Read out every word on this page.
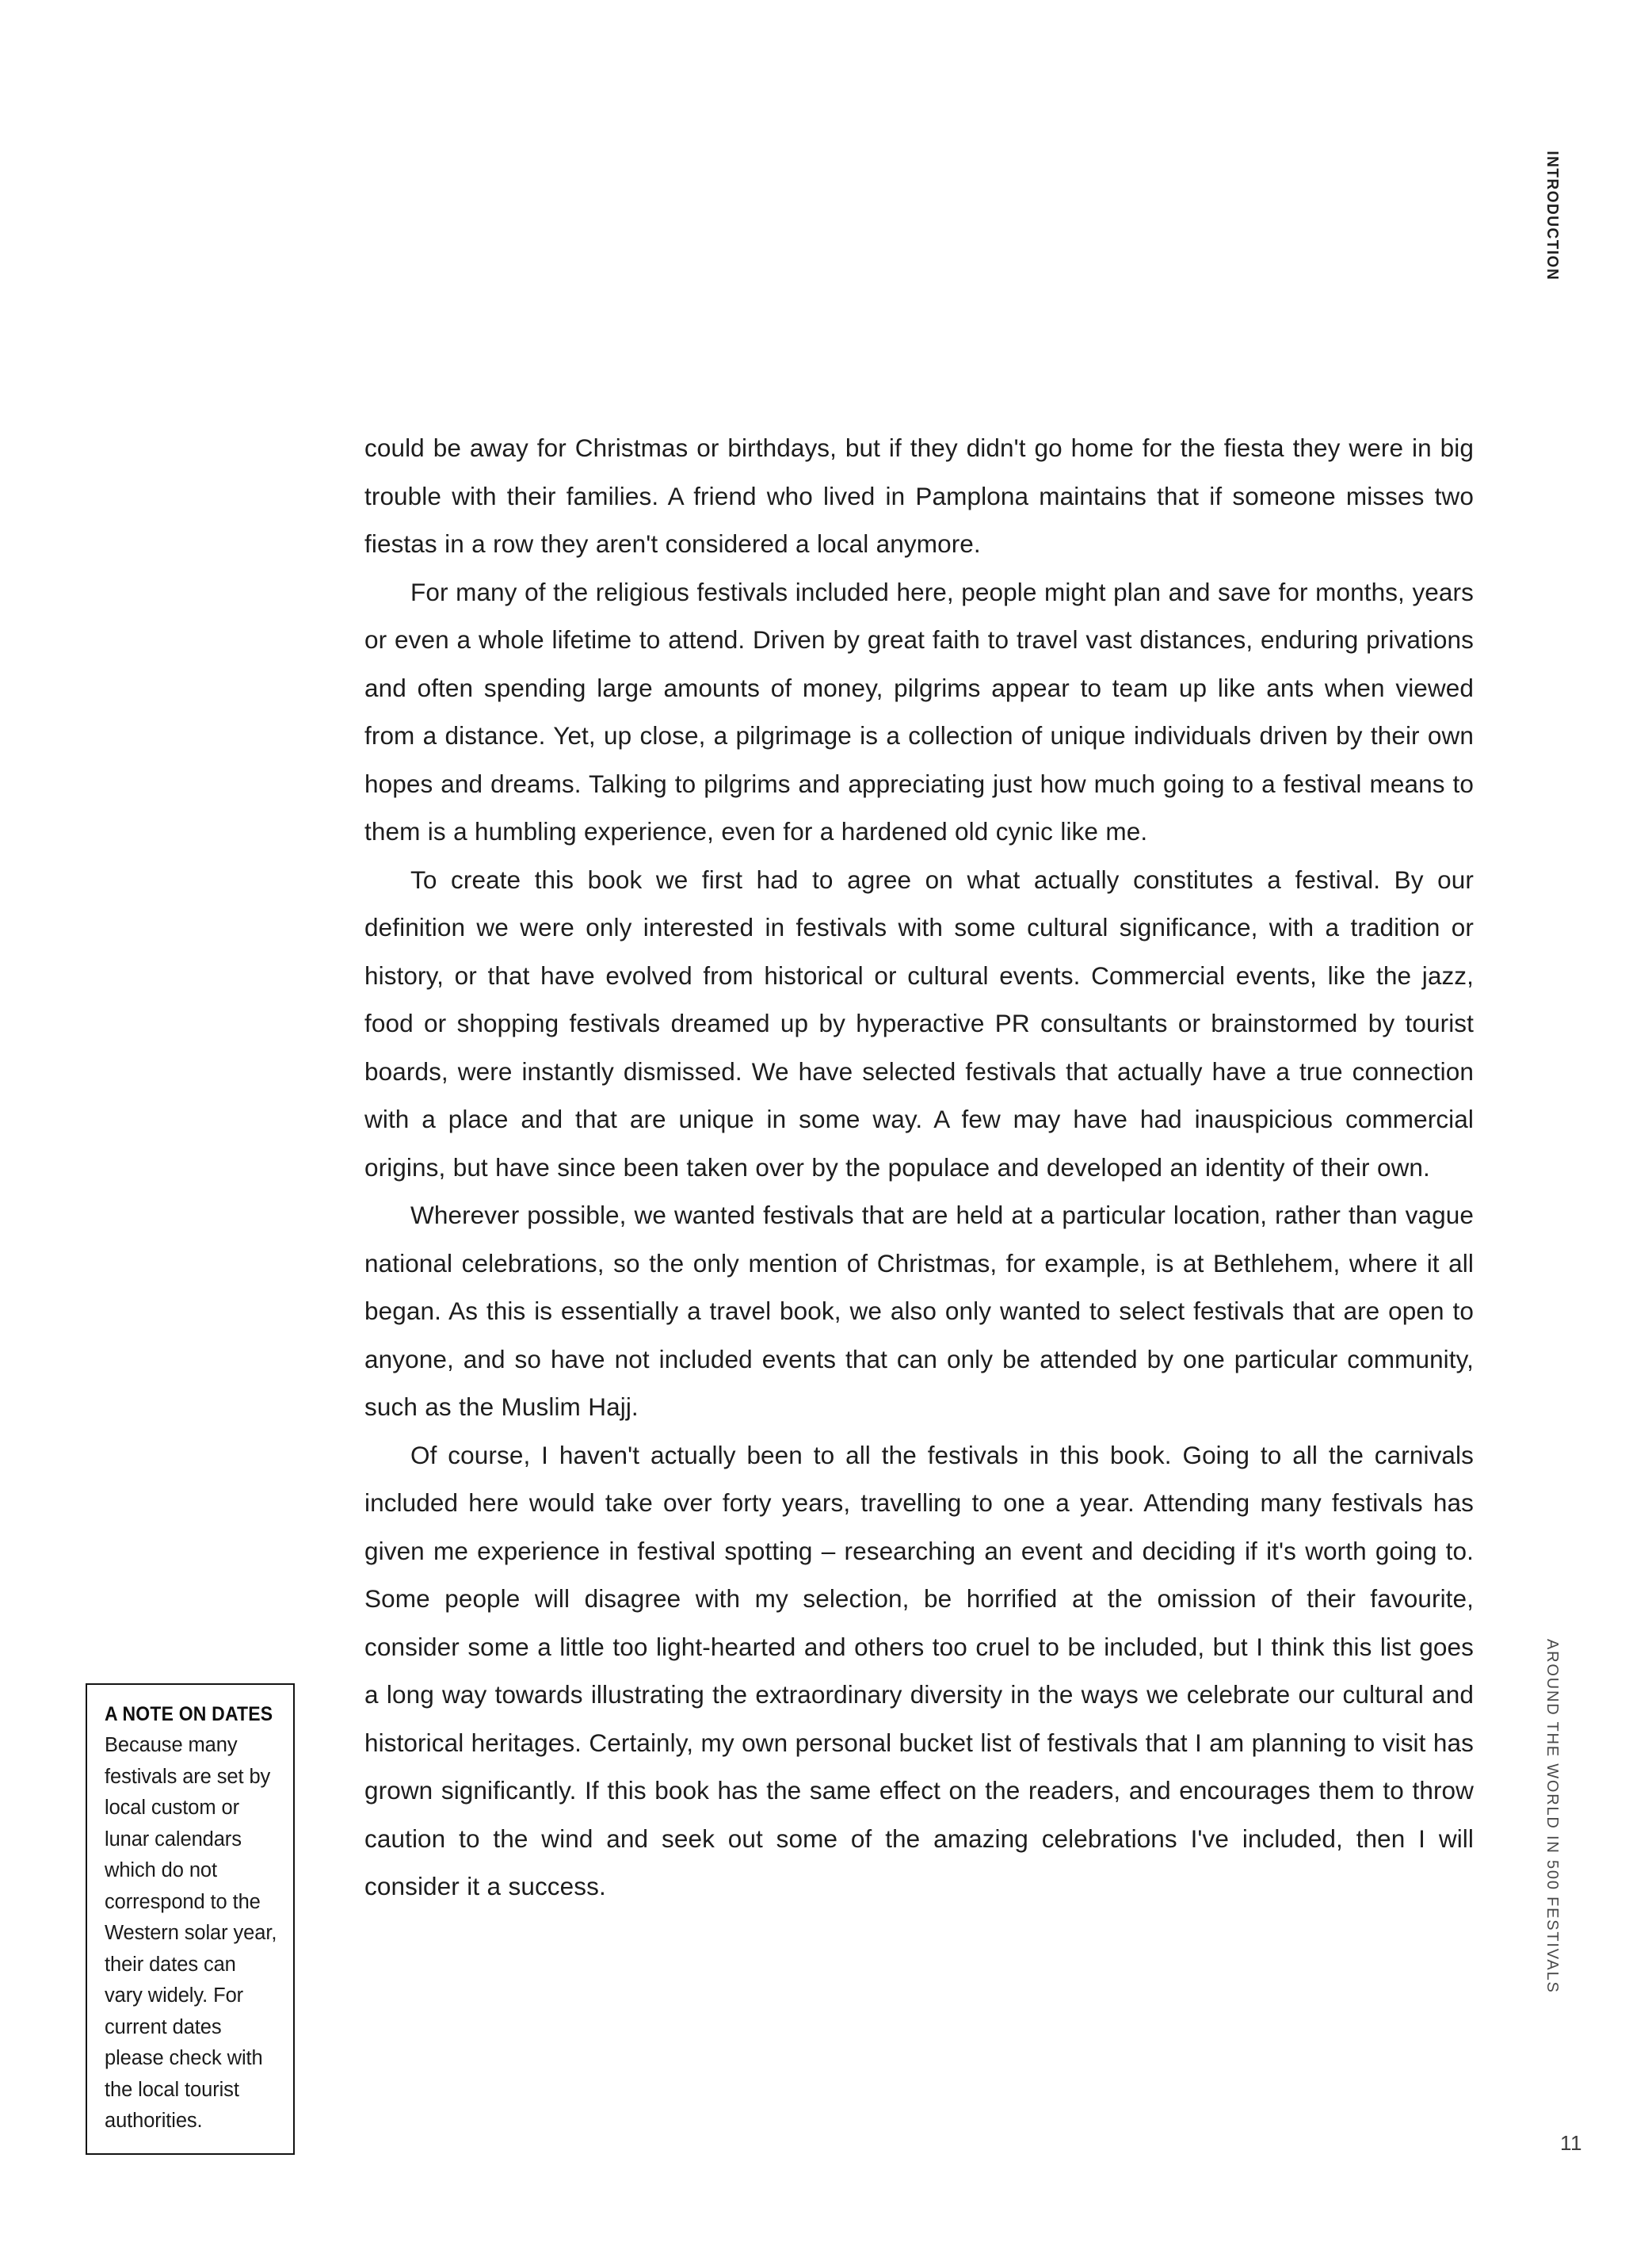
INTRODUCTION
AROUND THE WORLD IN 500 FESTIVALS

could be away for Christmas or birthdays, but if they didn't go home for the fiesta they were in big trouble with their families. A friend who lived in Pamplona maintains that if someone misses two fiestas in a row they aren't considered a local anymore.

For many of the religious festivals included here, people might plan and save for months, years or even a whole lifetime to attend. Driven by great faith to travel vast distances, enduring privations and often spending large amounts of money, pilgrims appear to team up like ants when viewed from a distance. Yet, up close, a pilgrimage is a collection of unique individuals driven by their own hopes and dreams. Talking to pilgrims and appreciating just how much going to a festival means to them is a humbling experience, even for a hardened old cynic like me.

To create this book we first had to agree on what actually constitutes a festival. By our definition we were only interested in festivals with some cultural significance, with a tradition or history, or that have evolved from historical or cultural events. Commercial events, like the jazz, food or shopping festivals dreamed up by hyperactive PR consultants or brainstormed by tourist boards, were instantly dismissed. We have selected festivals that actually have a true connection with a place and that are unique in some way. A few may have had inauspicious commercial origins, but have since been taken over by the populace and developed an identity of their own.

Wherever possible, we wanted festivals that are held at a particular location, rather than vague national celebrations, so the only mention of Christmas, for example, is at Bethlehem, where it all began. As this is essentially a travel book, we also only wanted to select festivals that are open to anyone, and so have not included events that can only be attended by one particular community, such as the Muslim Hajj.

Of course, I haven't actually been to all the festivals in this book. Going to all the carnivals included here would take over forty years, travelling to one a year. Attending many festivals has given me experience in festival spotting – researching an event and deciding if it's worth going to. Some people will disagree with my selection, be horrified at the omission of their favourite, consider some a little too light-hearted and others too cruel to be included, but I think this list goes a long way towards illustrating the extraordinary diversity in the ways we celebrate our cultural and historical heritages. Certainly, my own personal bucket list of festivals that I am planning to visit has grown significantly. If this book has the same effect on the readers, and encourages them to throw caution to the wind and seek out some of the amazing celebrations I've included, then I will consider it a success.

A NOTE ON DATES
Because many festivals are set by local custom or lunar calendars which do not correspond to the Western solar year, their dates can vary widely. For current dates please check with the local tourist authorities.
11
